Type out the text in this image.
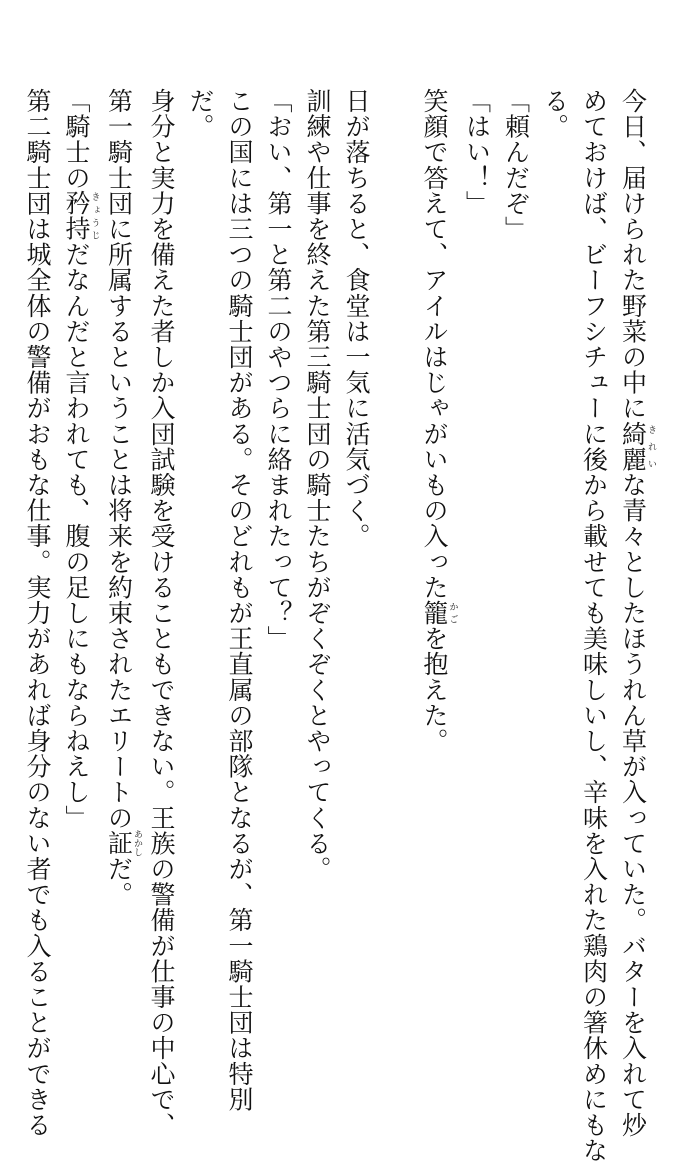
今日、届けられた野菜の中に綺麗きれいな青々としたほうれん草が入っていた。バターを入れて炒
めておけば、ビーフシチューに後から載せても美味しいし、辛味を入れた鶏肉の箸休めにもな
る。
「頼んだぞ」
「はい！」
笑顔で答えて、アイルはじゃがいもの入った籠かごを抱えた。
日が落ちると、食堂は一気に活気づく。
訓練や仕事を終えた第三騎士団の騎士たちがぞくぞくとやってくる。
「おい、第一と第二のやつらに絡まれたって？」
この国には三つの騎士団がある。そのどれもが王直属の部隊となるが、第一騎士団は特別
だ。
身分と実力を備えた者しか入団試験を受けることもできない。王族の警備が仕事の中心で、
第一騎士団に所属するということは将来を約束されたエリートの証あかしだ。
「騎士の矜持きょうじだなんだと言われても、腹の足しにもならねえし」
第二騎士団は城全体の警備がおもな仕事。実力があれば身分のない者でも入ることができる
